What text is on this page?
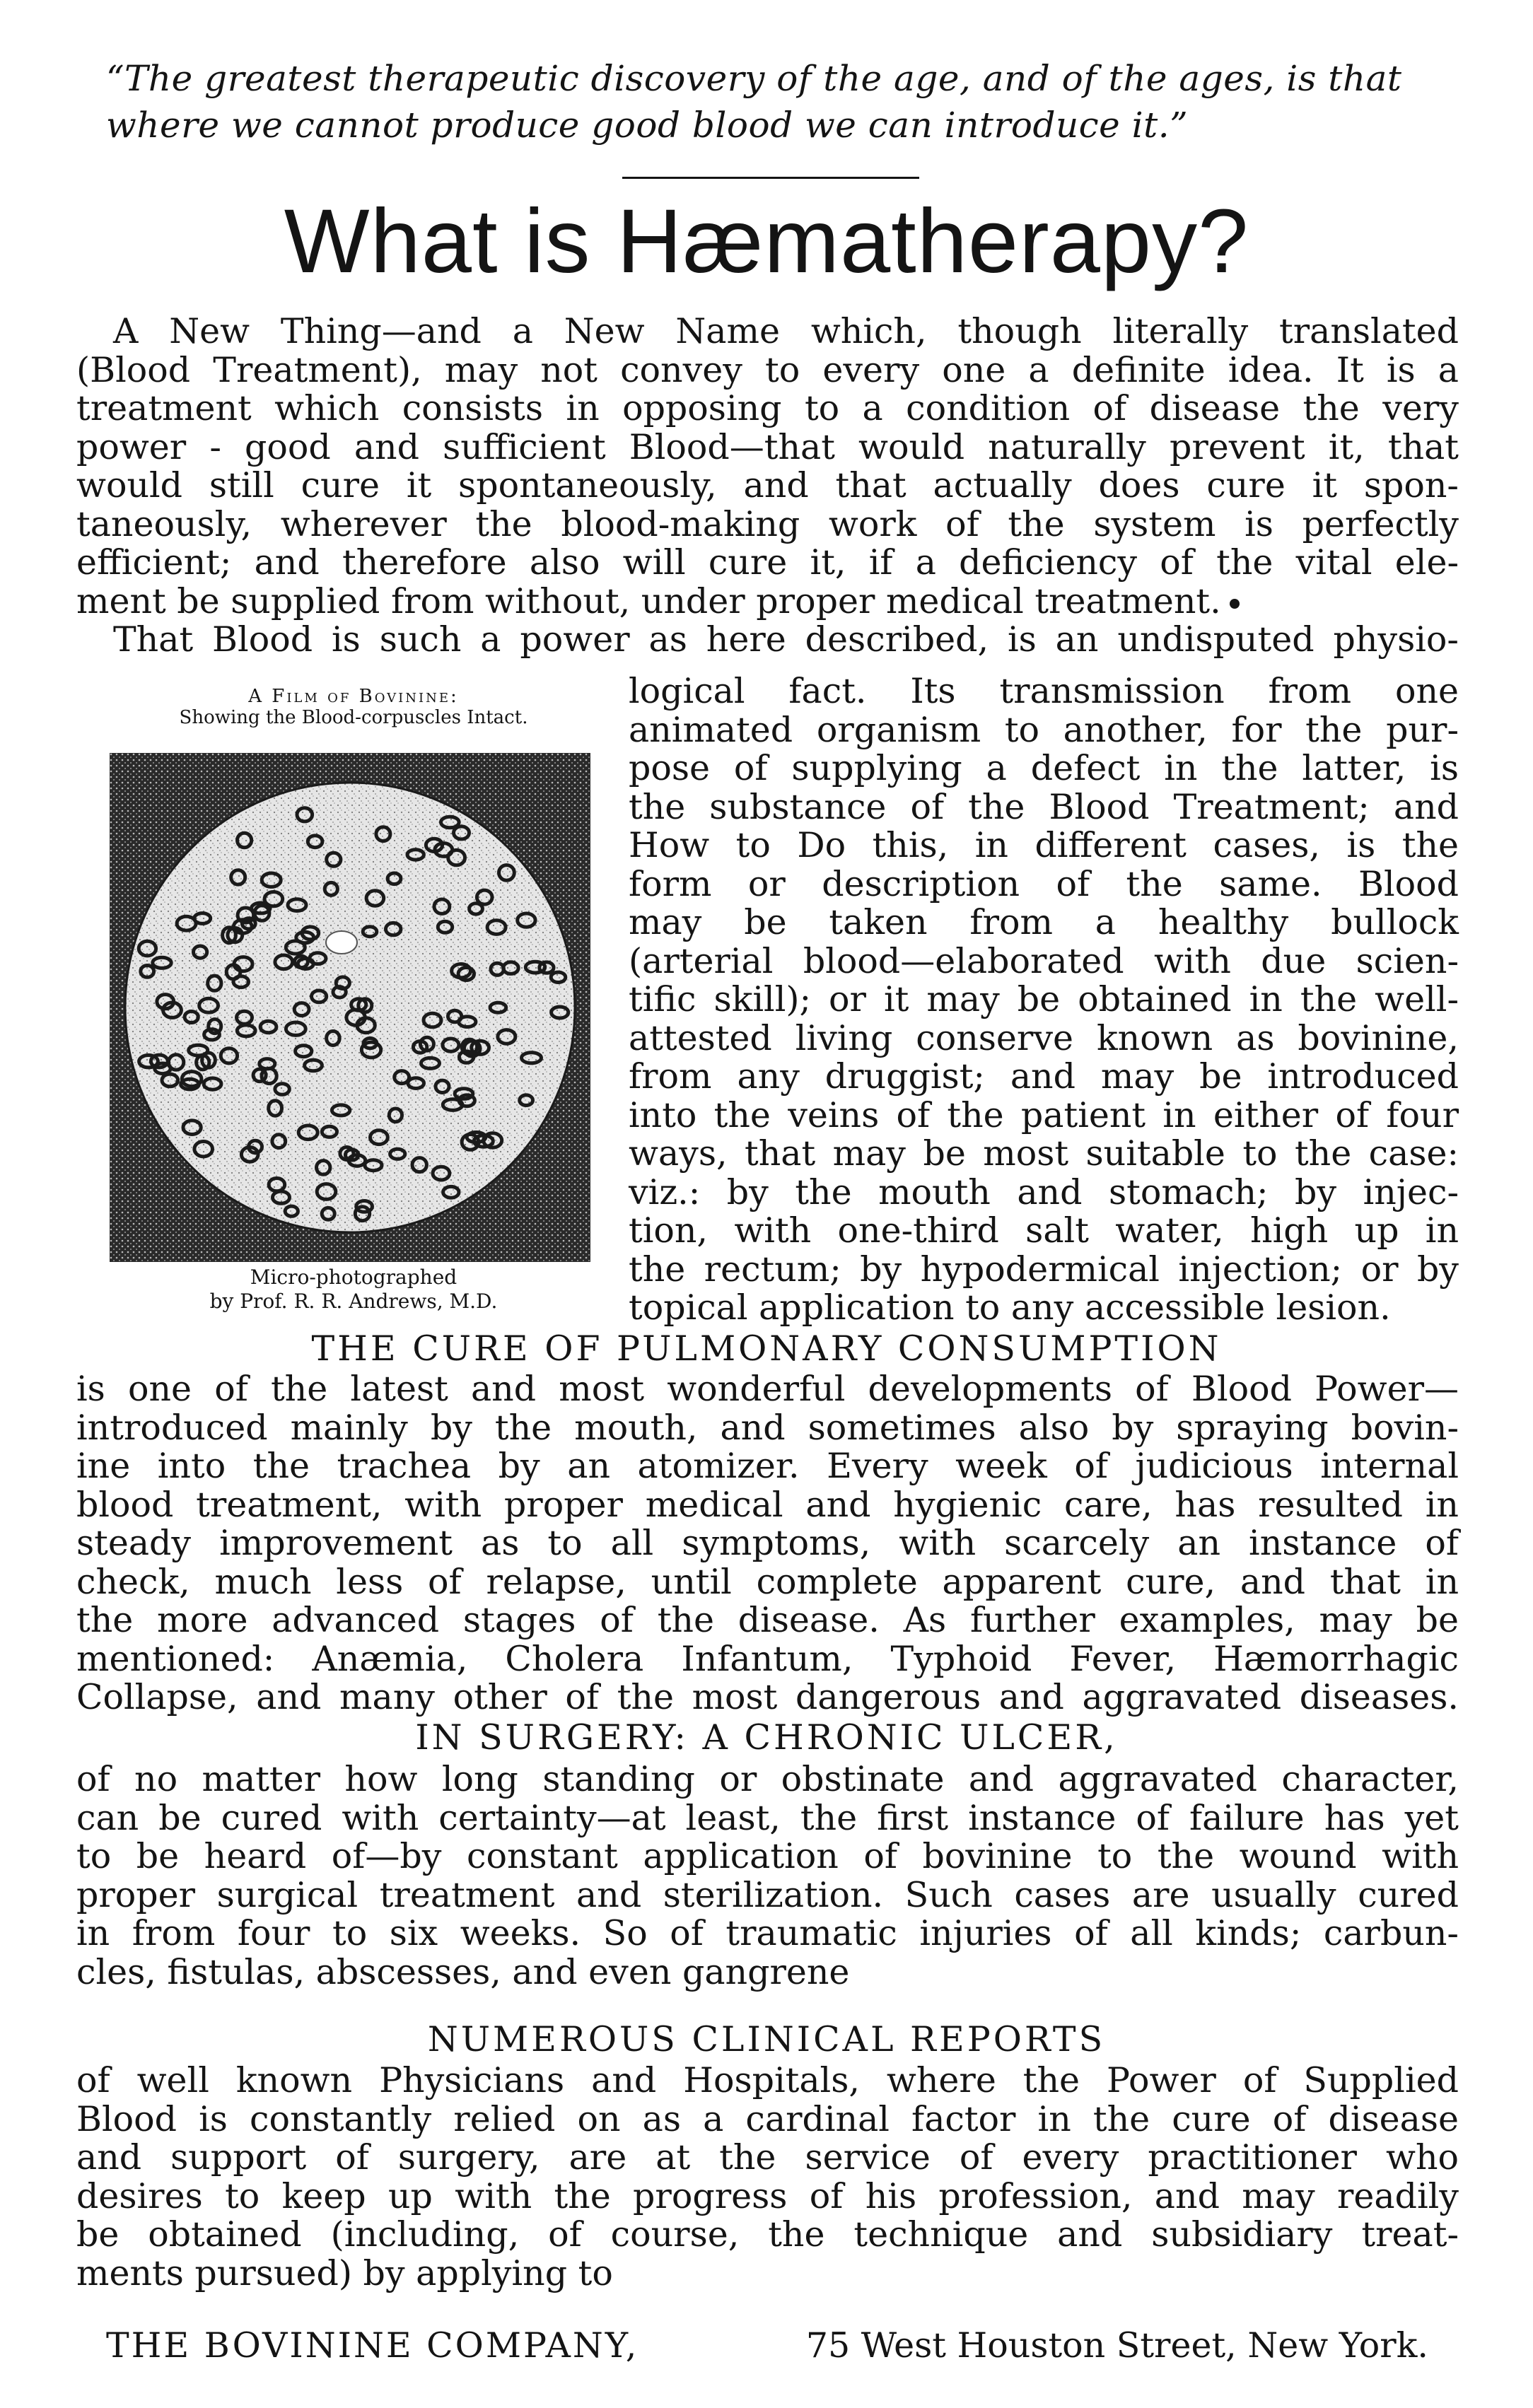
“The greatest therapeutic discovery of the age, and of the ages, is that
where we cannot produce good blood we can introduce it.”
What is Hæmatherapy?
A New Thing—and a New Name which, though literally translated
(Blood Treatment), may not convey to every one a definite idea. It is a
treatment which consists in opposing to a condition of disease the very
power - good and sufficient Blood—that would naturally prevent it, that
would still cure it spontaneously, and that actually does cure it spon-
taneously, wherever the blood-making work of the system is perfectly
efficient; and therefore also will cure it, if a deficiency of the vital ele-
ment be supplied from without, under proper medical treatment.
That Blood is such a power as here described, is an undisputed physio-
A Film of Bovinine:
Showing the Blood-corpuscles Intact.
Micro-photographed
by Prof. R. R. Andrews, M.D.
logical fact. Its transmission from one
animated organism to another, for the pur-
pose of supplying a defect in the latter, is
the substance of the Blood Treatment; and
How to Do this, in different cases, is the
form or description of the same. Blood
may be taken from a healthy bullock
(arterial blood—elaborated with due scien-
tific skill); or it may be obtained in the well-
attested living conserve known as bovinine,
from any druggist; and may be introduced
into the veins of the patient in either of four
ways, that may be most suitable to the case:
viz.: by the mouth and stomach; by injec-
tion, with one-third salt water, high up in
the rectum; by hypodermical injection; or by
topical application to any accessible lesion.
THE CURE OF PULMONARY CONSUMPTION
is one of the latest and most wonderful developments of Blood Power—
introduced mainly by the mouth, and sometimes also by spraying bovin-
ine into the trachea by an atomizer. Every week of judicious internal
blood treatment, with proper medical and hygienic care, has resulted in
steady improvement as to all symptoms, with scarcely an instance of
check, much less of relapse, until complete apparent cure, and that in
the more advanced stages of the disease. As further examples, may be
mentioned: Anæmia, Cholera Infantum, Typhoid Fever, Hæmorrhagic
Collapse, and many other of the most dangerous and aggravated diseases.
IN SURGERY: A CHRONIC ULCER,
of no matter how long standing or obstinate and aggravated character,
can be cured with certainty—at least, the first instance of failure has yet
to be heard of—by constant application of bovinine to the wound with
proper surgical treatment and sterilization. Such cases are usually cured
in from four to six weeks. So of traumatic injuries of all kinds; carbun-
cles, fistulas, abscesses, and even gangrene
NUMEROUS CLINICAL REPORTS
of well known Physicians and Hospitals, where the Power of Supplied
Blood is constantly relied on as a cardinal factor in the cure of disease
and support of surgery, are at the service of every practitioner who
desires to keep up with the progress of his profession, and may readily
be obtained (including, of course, the technique and subsidiary treat-
ments pursued) by applying to
THE BOVININE COMPANY,	75 West Houston Street, New York.
